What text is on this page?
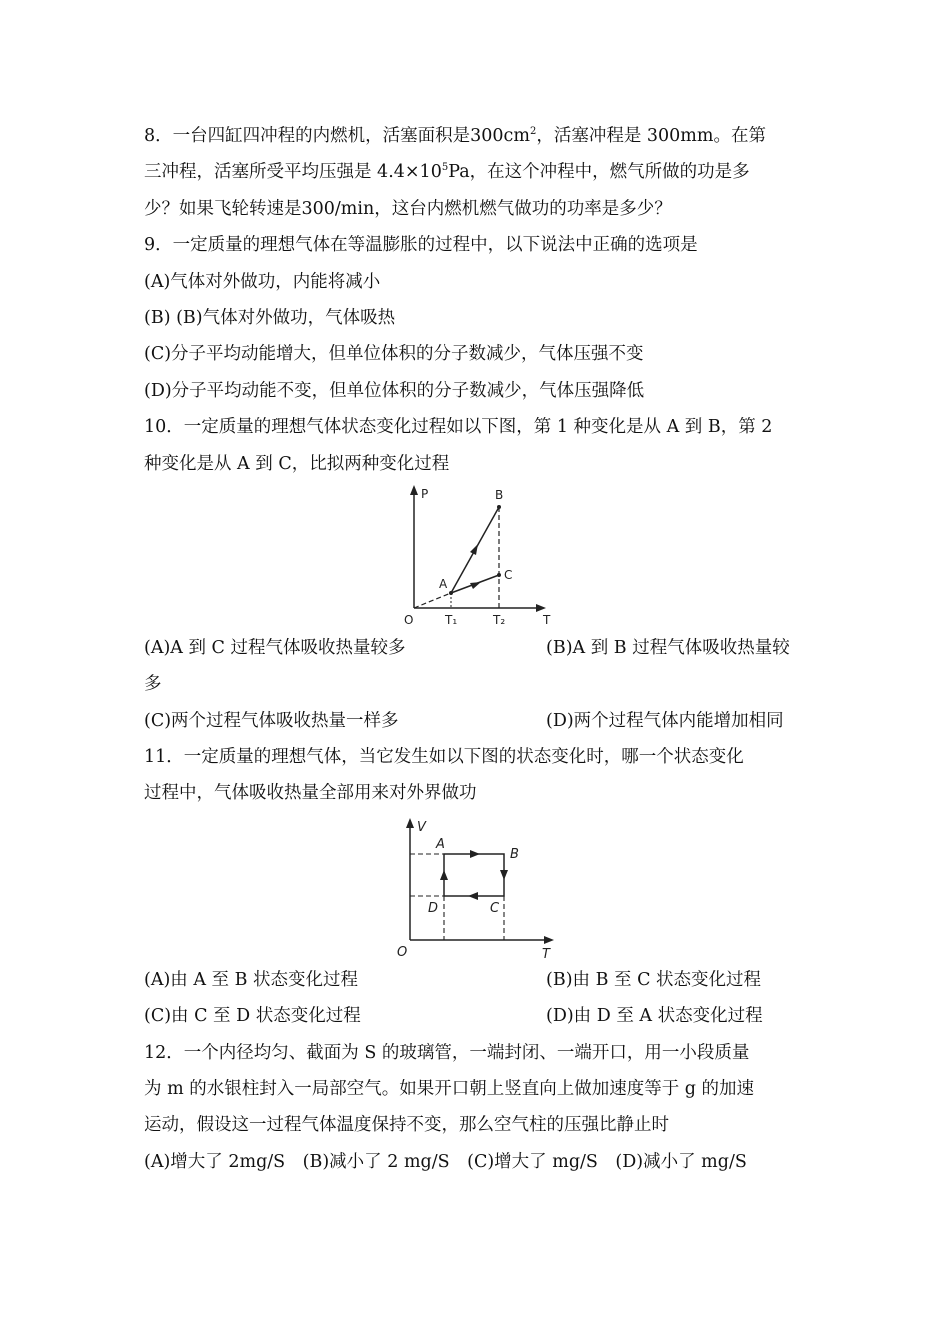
8．一台四缸四冲程的内燃机，活塞面积是$300cm^2$，活塞冲程是 300mm。在第
三冲程，活塞所受平均压强是 $4.4\times 10^5Pa$，在这个冲程中，燃气所做的功是多
少？如果飞轮转速是300/min，这台内燃机燃气做功的功率是多少？
9．一定质量的理想气体在等温膨胀的过程中，以下说法中正确的选项是
(A)气体对外做功，内能将减小
(B) (B)气体对外做功，气体吸热
(C)分子平均动能增大，但单位体积的分子数减少，气体压强不变
(D)分子平均动能不变，但单位体积的分子数减少，气体压强降低
10．一定质量的理想气体状态变化过程如以下图，第 1 种变化是从 A 到 B，第 2
种变化是从 A 到 C，比拟两种变化过程
P
T
O
A
B
C
T₁	T₂
(A)A 到 C 过程气体吸收热量较多	(B)A 到 B 过程气体吸收热量较
多
(C)两个过程气体吸收热量一样多	(D)两个过程气体内能增加相同
11．一定质量的理想气体，当它发生如以下图的状态变化时，哪一个状态变化
过程中，气体吸收热量全部用来对外界做功
V
T
O
A
B
C
D
(A)由 A 至 B 状态变化过程	(B)由 B 至 C 状态变化过程
(C)由 C 至 D 状态变化过程	(D)由 D 至 A 状态变化过程
12．一个内径均匀、截面为 S 的玻璃管，一端封闭、一端开口，用一小段质量
为 m 的水银柱封入一局部空气。如果开口朝上竖直向上做加速度等于 g 的加速
运动，假设这一过程气体温度保持不变，那么空气柱的压强比静止时
(A)增大了 2mg/S　(B)减小了 2 mg/S　(C)增大了 mg/S　(D)减小了 mg/S
